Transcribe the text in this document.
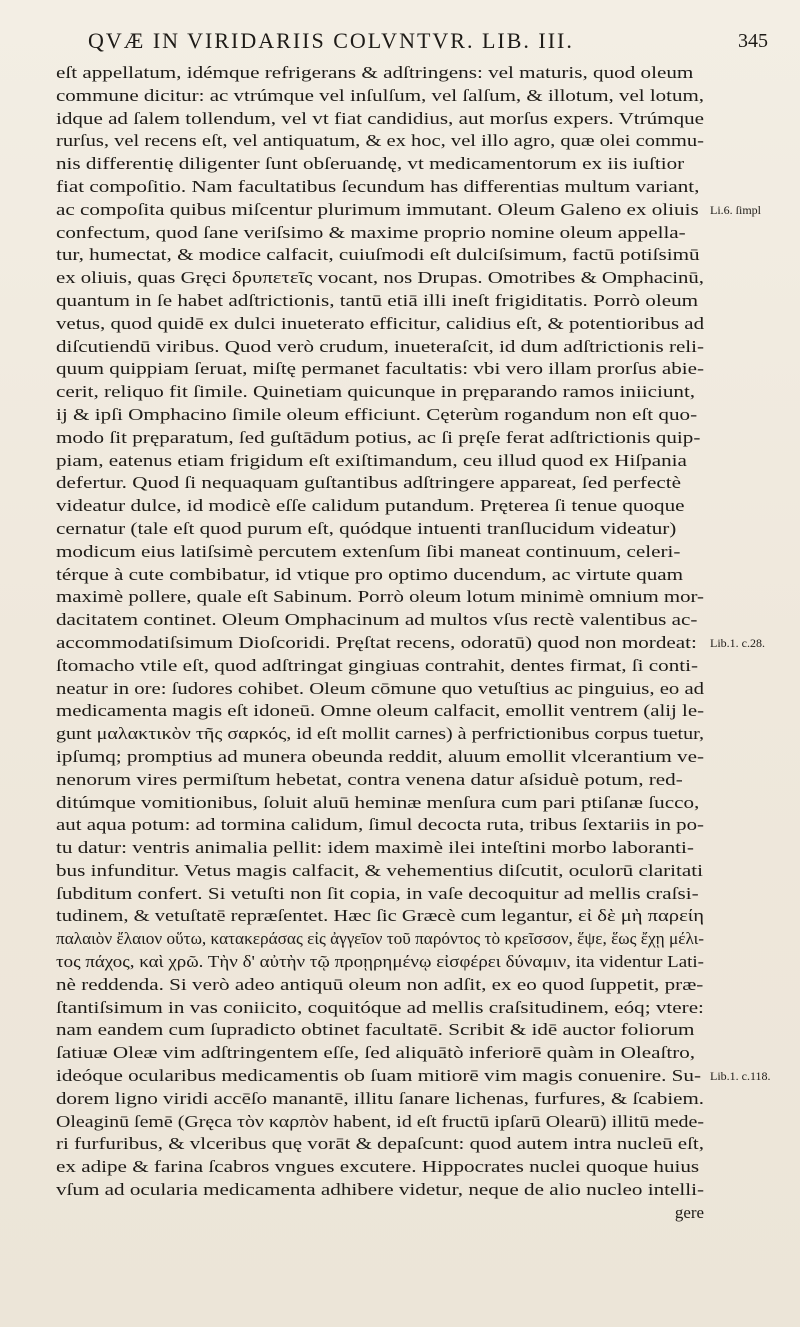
QVÆ IN VIRIDARIIS COLVNTVR. LIB. III.	345
eſt appellatum, idémque refrigerans & adſtringens: vel maturis, quod oleum
commune dicitur: ac vtrúmque vel inſulſum, vel ſalſum, & illotum, vel lotum,
idque ad ſalem tollendum, vel vt fiat candidius, aut morſus expers. Vtrúmque
rurſus, vel recens eſt, vel antiquatum, & ex hoc, vel illo agro, quæ olei commu-
nis differentię diligenter ſunt obſeruandę, vt medicamentorum ex iis iuſtior
fiat compoſitio. Nam facultatibus ſecundum has differentias multum variant,
ac compoſita quibus miſcentur plurimum immutant. Oleum Galeno ex oliuis
confectum, quod ſane veriſsimo & maxime proprio nomine oleum appella-
tur, humectat, & modice calfacit, cuiuſmodi eſt dulciſsimum, factū potiſsimū
ex oliuis, quas Gręci δρυπετεῖς vocant, nos Drupas. Omotribes & Omphacinū,
quantum in ſe habet adſtrictionis, tantū etiā illi ineſt frigiditatis. Porrò oleum
vetus, quod quidē ex dulci inueterato efficitur, calidius eſt, & potentioribus ad
diſcutiendū viribus. Quod verò crudum, inueteraſcit, id dum adſtrictionis reli-
quum quippiam ſeruat, miſtę permanet facultatis: vbi vero illam prorſus abie-
cerit, reliquo fit ſimile. Quinetiam quicunque in pręparando ramos iniiciunt,
ij & ipſi Omphacino ſimile oleum efficiunt. Cęterùm rogandum non eſt quo-
modo ſit pręparatum, ſed guſtādum potius, ac ſi pręſe ferat adſtrictionis quip-
piam, eatenus etiam frigidum eſt exiſtimandum, ceu illud quod ex Hiſpania
defertur. Quod ſi nequaquam guſtantibus adſtringere appareat, ſed perfectè
videatur dulce, id modicè eſſe calidum putandum. Pręterea ſi tenue quoque
cernatur (tale eſt quod purum eſt, quódque intuenti tranſlucidum videatur)
modicum eius latiſsimè percutem extenſum ſibi maneat continuum, celeri-
térque à cute combibatur, id vtique pro optimo ducendum, ac virtute quam
maximè pollere, quale eſt Sabinum. Porrò oleum lotum minimè omnium mor-
dacitatem continet. Oleum Omphacinum ad multos vſus rectè valentibus ac-
accommodatiſsimum Dioſcoridi. Pręſtat recens, odoratū) quod non mordeat:
ſtomacho vtile eſt, quod adſtringat gingiuas contrahit, dentes firmat, ſi conti-
neatur in ore: ſudores cohibet. Oleum cōmune quo vetuſtius ac pinguius, eo ad
medicamenta magis eſt idoneū. Omne oleum calfacit, emollit ventrem (alij le-
gunt μαλακτικὸν τῆς σαρκός, id eſt mollit carnes) à perfrictionibus corpus tuetur,
ipſumq; promptius ad munera obeunda reddit, aluum emollit vlcerantium ve-
nenorum vires permiſtum hebetat, contra venena datur aſsiduè potum, red-
ditúmque vomitionibus, ſoluit aluū heminæ menſura cum pari ptiſanæ ſucco,
aut aqua potum: ad tormina calidum, ſimul decocta ruta, tribus ſextariis in po-
tu datur: ventris animalia pellit: idem maximè ilei inteſtini morbo laboranti-
bus infunditur. Vetus magis calfacit, & vehementius diſcutit, oculorū claritati
ſubditum confert. Si vetuſti non ſit copia, in vaſe decoquitur ad mellis craſsi-
tudinem, & vetuſtatē repræſentet. Hæc ſic Græcè cum legantur, εἰ δὲ μὴ παρείη
παλαιὸν ἔλαιον οὕτω, κατακεράσας εἰς ἀγγεῖον τοῦ παρόντος τὸ κρεῖσσον, ἕψε, ἕως ἔχῃ μέλι-
τος πάχος, καὶ χρῶ. Τὴν δ' αὐτὴν τῷ προῃρημένῳ εἰσφέρει δύναμιν, ita videntur Lati-
nè reddenda. Si verò adeo antiquū oleum non adſit, ex eo quod ſuppetit, præ-
ſtantiſsimum in vas coniicito, coquitóque ad mellis craſsitudinem, eóq; vtere:
nam eandem cum ſupradicto obtinet facultatē. Scribit & idē auctor foliorum
ſatiuæ Oleæ vim adſtringentem eſſe, ſed aliquātò inferiorē quàm in Oleaſtro,
ideóque ocularibus medicamentis ob ſuam mitiorē vim magis conuenire. Su-
dorem ligno viridi accēſo manantē, illitu ſanare lichenas, furfures, & ſcabiem.
Oleaginū ſemē (Gręca τὸν καρπὸν habent, id eſt fructū ipſarū Olearū) illitū mede-
ri furfuribus, & vlceribus quę vorāt & depaſcunt: quod autem intra nucleū eſt,
ex adipe & farina ſcabros vngues excutere. Hippocrates nuclei quoque huius
vſum ad ocularia medicamenta adhibere videtur, neque de alio nucleo intelli-
gere
Li.6. ſimpl
Lib.1. c.28.
Lib.1. c.118.
